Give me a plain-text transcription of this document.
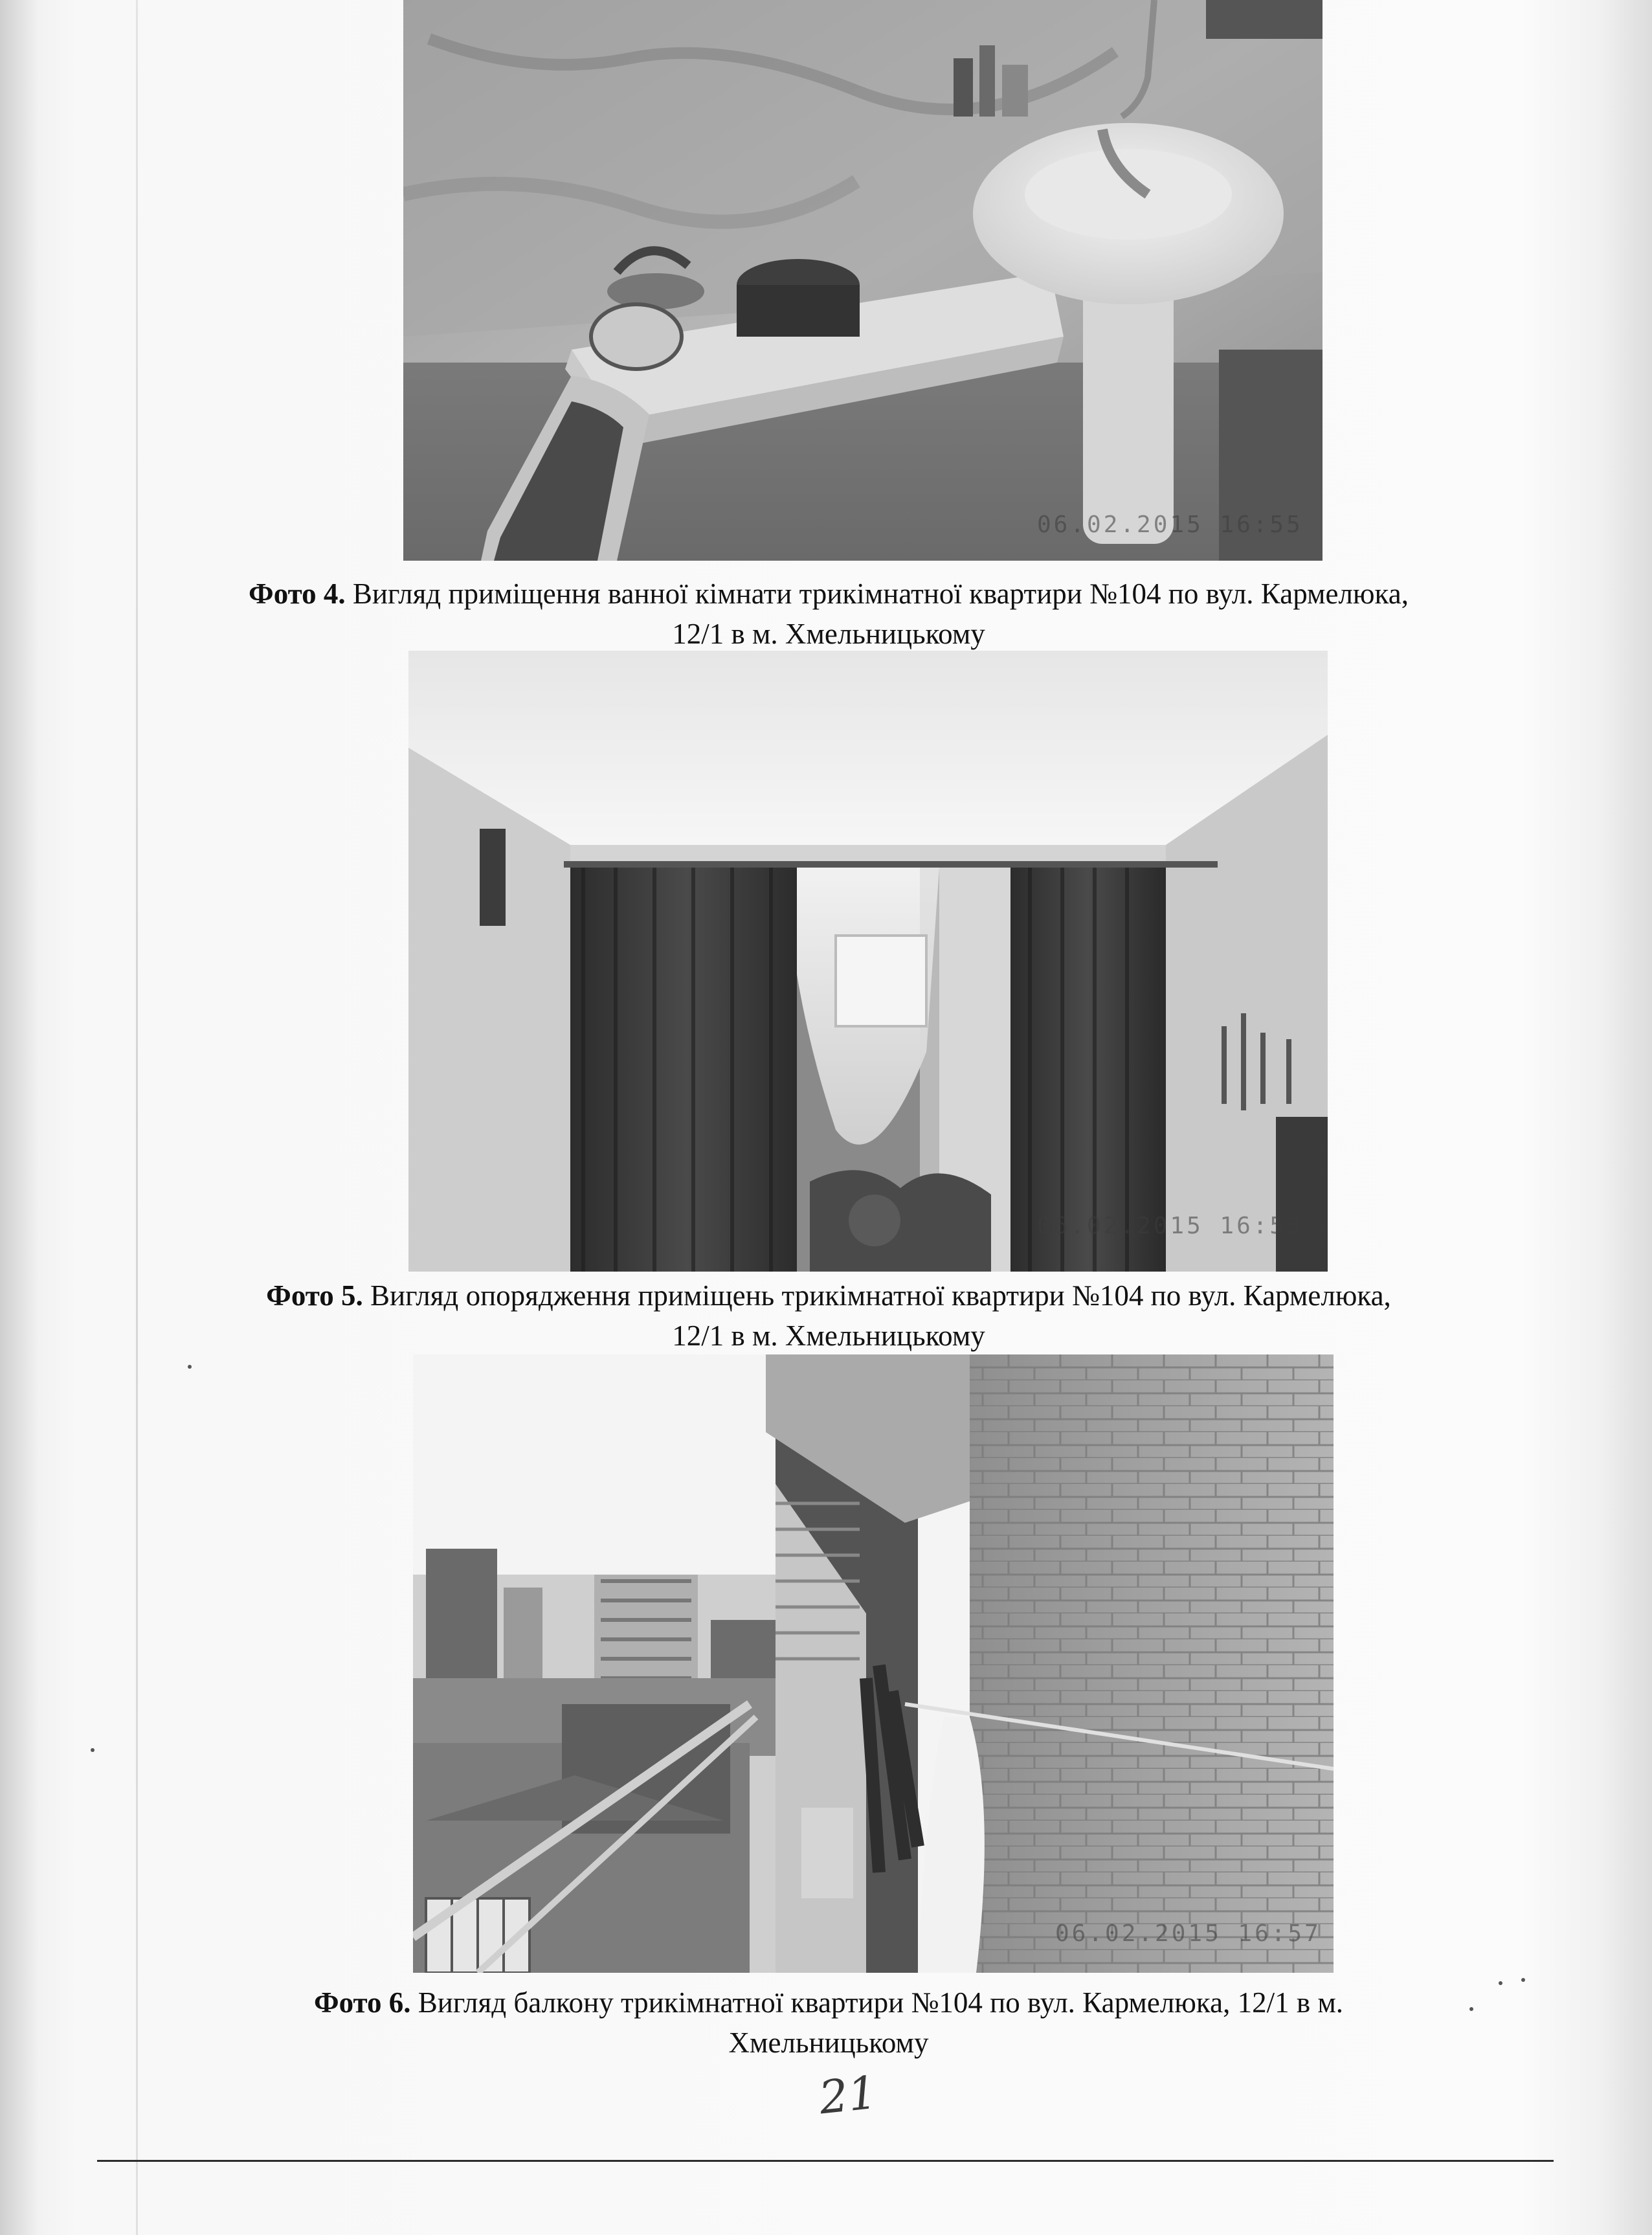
06.02.2015 16:55
Фото 4. Вигляд приміщення ванної кімнати трикімнатної квартири №104 по вул. Кармелюка,
12/1 в м. Хмельницькому
06.02.2015 16:53
Фото 5. Вигляд опорядження приміщень трикімнатної квартири №104 по вул. Кармелюка,
12/1 в м. Хмельницькому
06.02.2015 16:57
Фото 6. Вигляд балкону трикімнатної квартири №104 по вул. Кармелюка, 12/1 в м.
Хмельницькому
21
